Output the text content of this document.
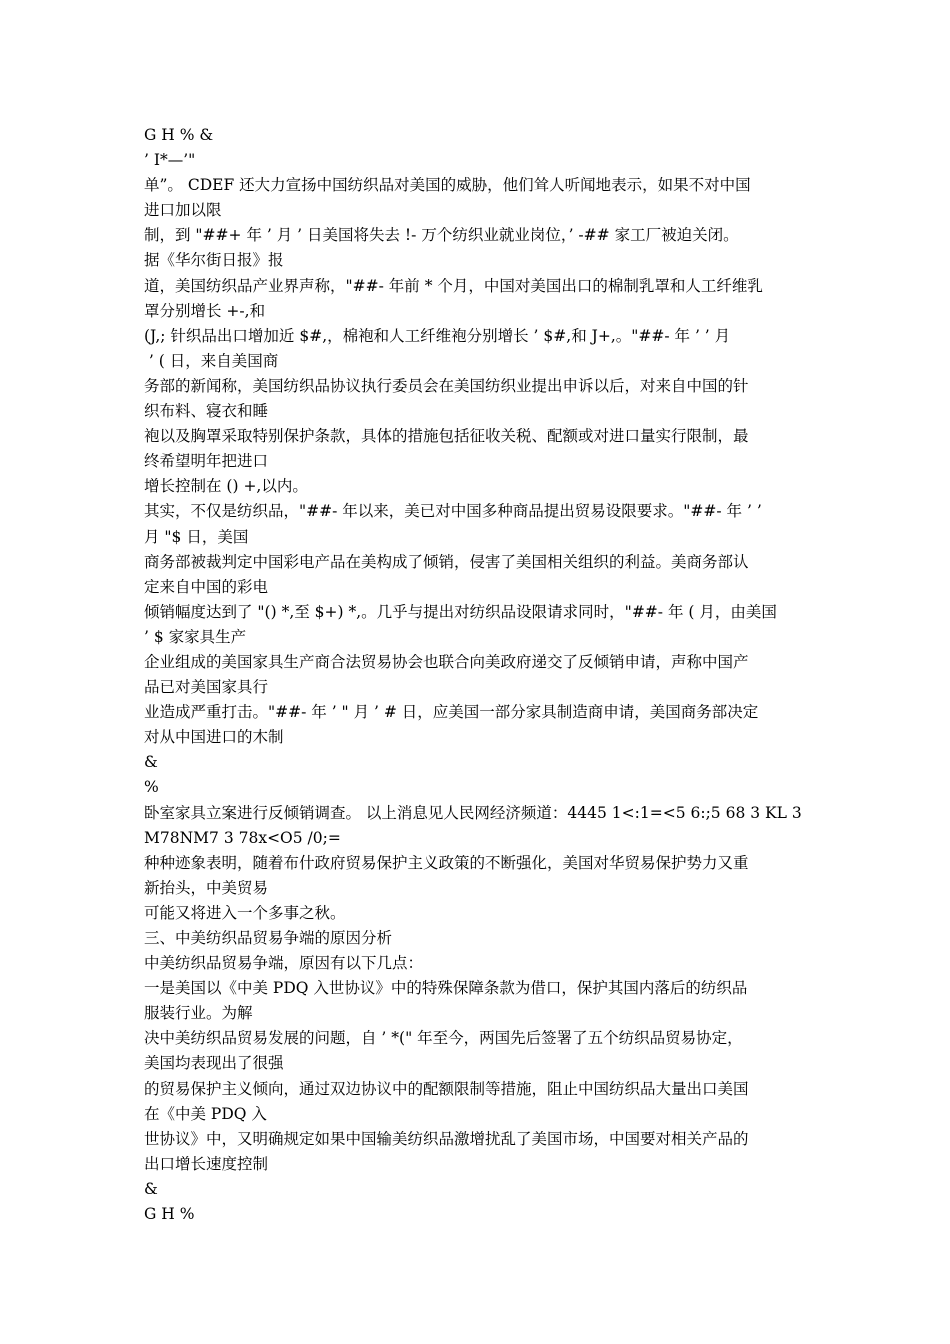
G H % &
’ I*—’"
单”。 CDEF 还大力宣扬中国纺织品对美国的威胁，他们耸人听闻地表示，如果不对中国
进口加以限
制，到 "##+ 年 ’ 月 ’ 日美国将失去 !- 万个纺织业就业岗位，’ -## 家工厂被迫关闭。
据《华尔街日报》报
道，美国纺织品产业界声称，"##- 年前 * 个月，中国对美国出口的棉制乳罩和人工纤维乳
罩分别增长 +-,和
(J,; 针织品出口增加近 $#,，棉袍和人工纤维袍分别增长 ’ $#,和 J+,。"##- 年 ’ ’ 月
’ ( 日，来自美国商
务部的新闻称，美国纺织品协议执行委员会在美国纺织业提出申诉以后，对来自中国的针
织布料、寝衣和睡
袍以及胸罩采取特别保护条款，具体的措施包括征收关税、配额或对进口量实行限制，最
终希望明年把进口
增长控制在 () +,以内。
其实，不仅是纺织品，"##- 年以来，美已对中国多种商品提出贸易设限要求。"##- 年 ’ ’
月 "$ 日，美国
商务部被裁判定中国彩电产品在美构成了倾销，侵害了美国相关组织的利益。美商务部认
定来自中国的彩电
倾销幅度达到了 "() *,至 $+) *,。几乎与提出对纺织品设限请求同时，"##- 年 ( 月，由美国
’ $ 家家具生产
企业组成的美国家具生产商合法贸易协会也联合向美政府递交了反倾销申请，声称中国产
品已对美国家具行
业造成严重打击。"##- 年 ’ " 月 ’ # 日，应美国一部分家具制造商申请，美国商务部决定
对从中国进口的木制
&
%
卧室家具立案进行反倾销调查。 以上消息见人民网经济频道：4445 1<:1=<5 6:;5 68 3 KL 3
M78NM7 3 78x<O5 /0;=
种种迹象表明，随着布什政府贸易保护主义政策的不断强化，美国对华贸易保护势力又重
新抬头，中美贸易
可能又将进入一个多事之秋。
三、中美纺织品贸易争端的原因分析
中美纺织品贸易争端，原因有以下几点：
一是美国以《中美 PDQ 入世协议》中的特殊保障条款为借口，保护其国内落后的纺织品
服装行业。为解
决中美纺织品贸易发展的问题，自 ’ *(" 年至今，两国先后签署了五个纺织品贸易协定，
美国均表现出了很强
的贸易保护主义倾向，通过双边协议中的配额限制等措施，阻止中国纺织品大量出口美国
在《中美 PDQ 入
世协议》中，又明确规定如果中国输美纺织品激增扰乱了美国市场，中国要对相关产品的
出口增长速度控制
&
G H %
